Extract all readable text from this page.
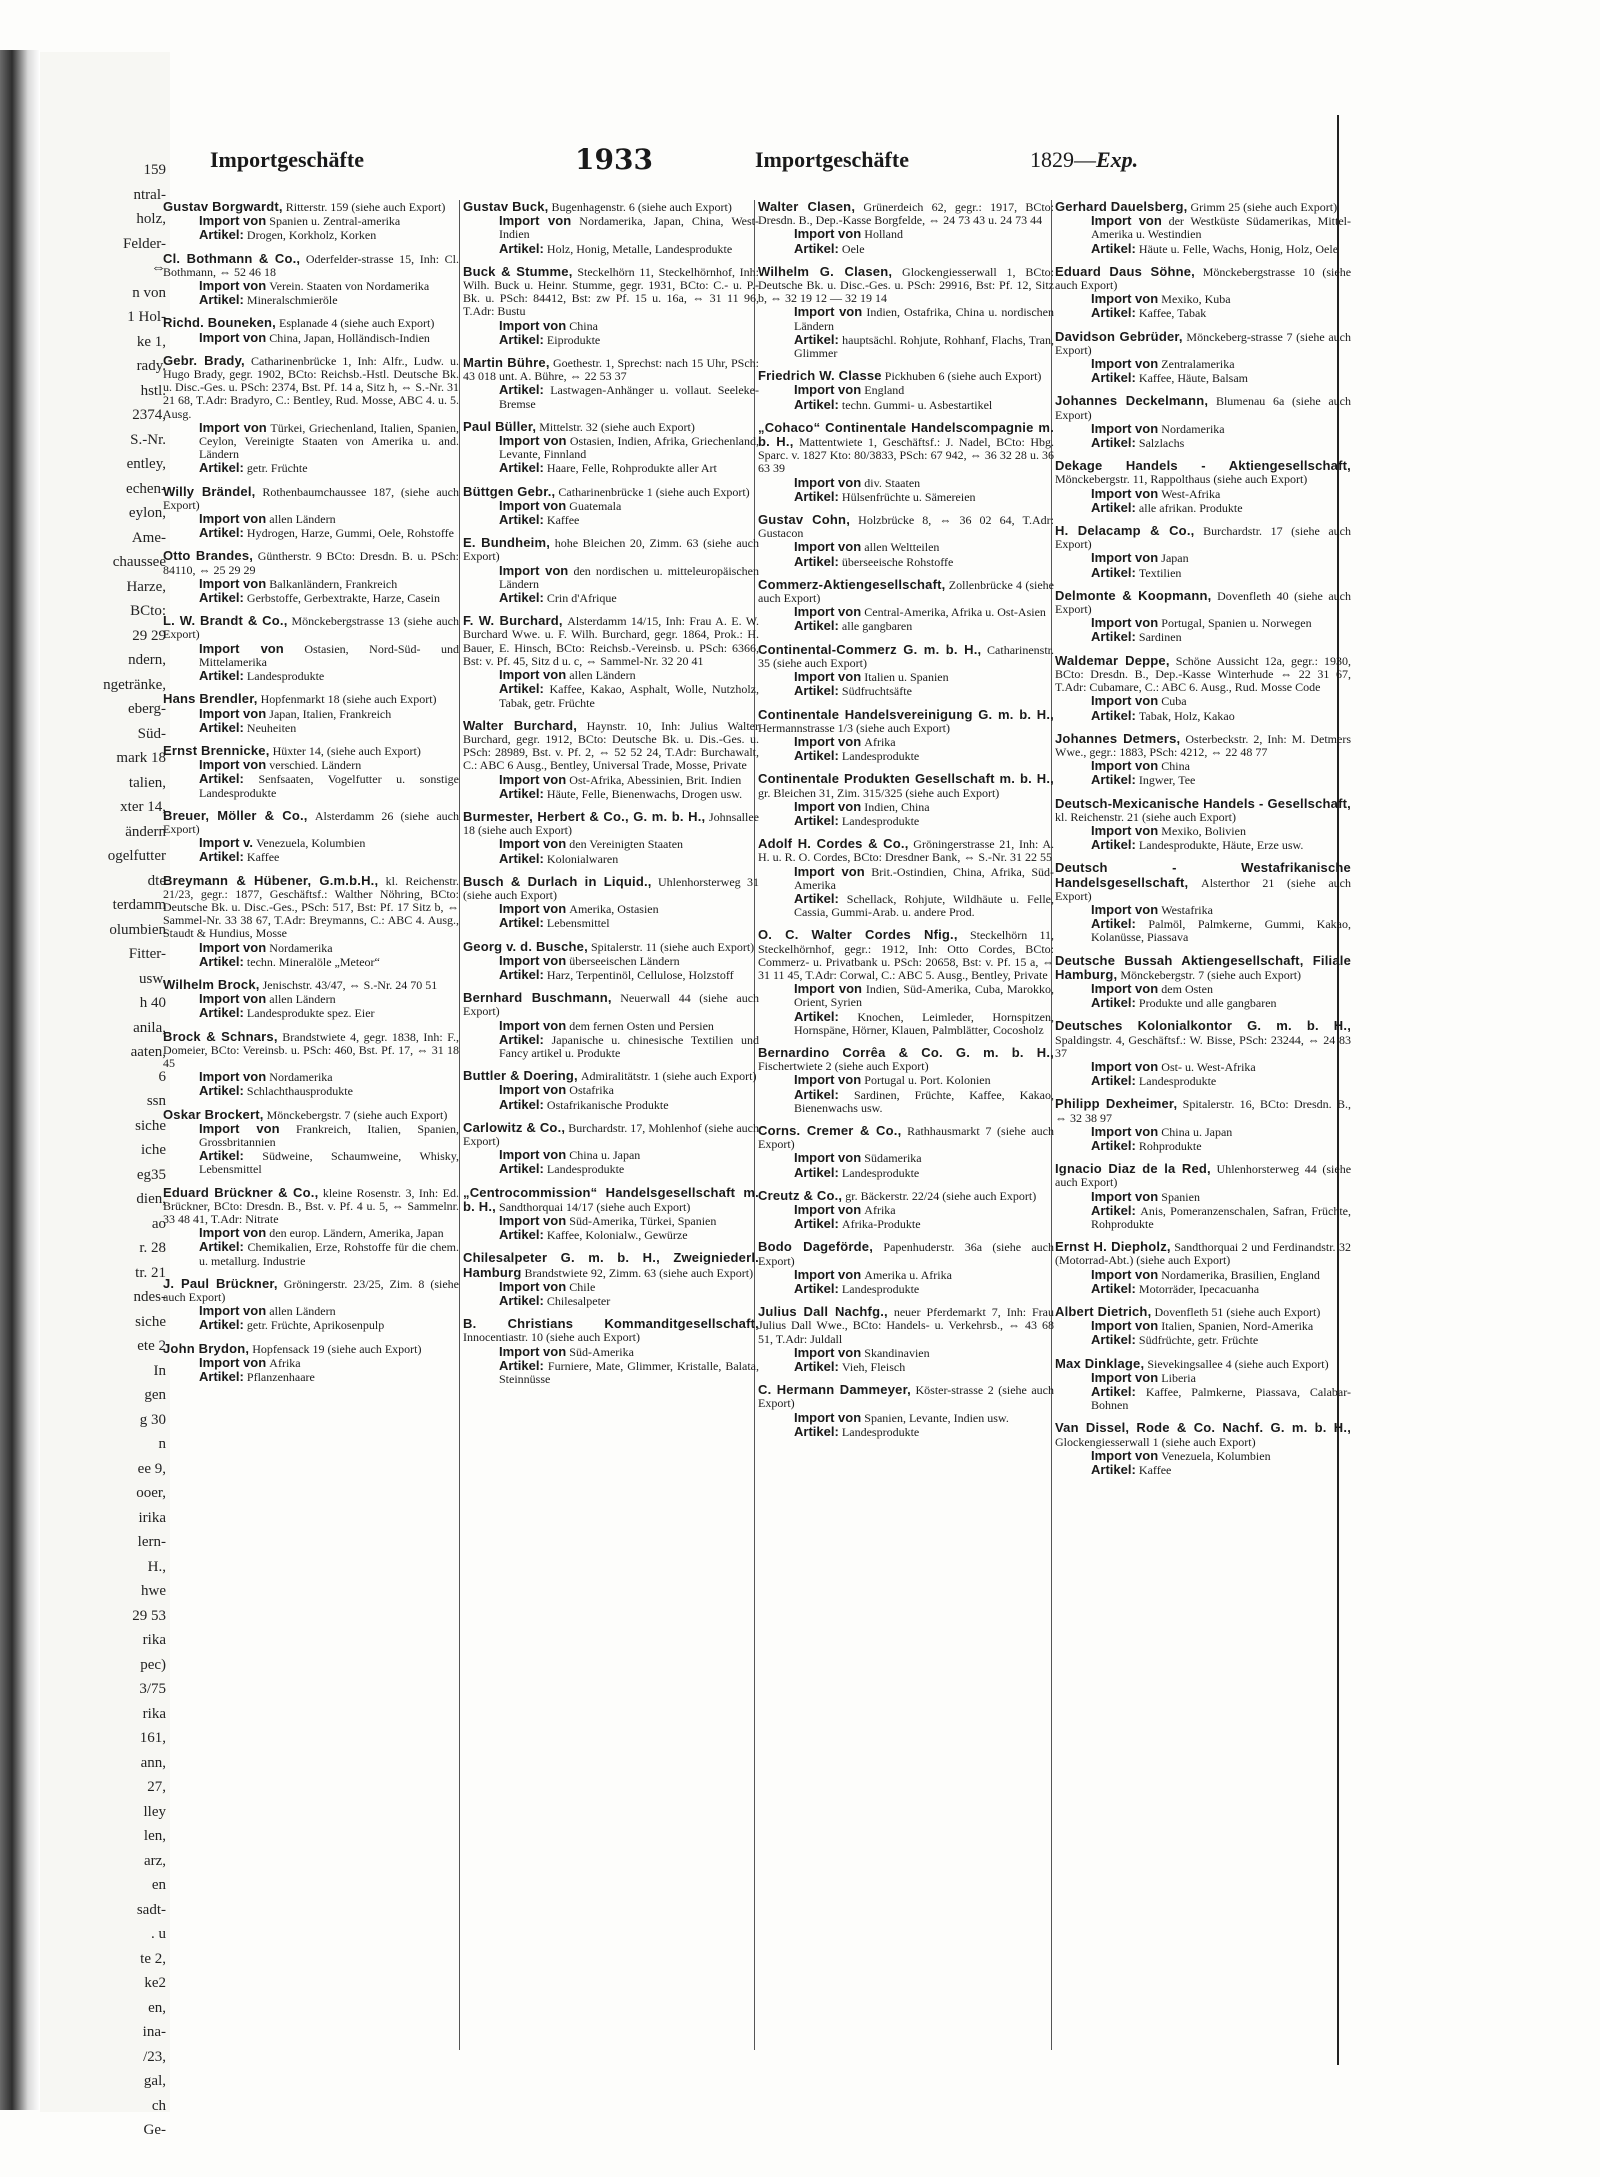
159
ntral-
holz,
Felder-
⇔
n von
1 Hol-
ke 1,
rady.
hstl.
2374,
S.-Nr.
entley,
echen-
eylon,
Ame-
chaussee
Harze,
BCto:
29 29
ndern,
ngetränke,
eberg-
Süd-
mark 18
talien,
xter 14,
ändern
ogelfutter
dte
terdamm
olumbien
Fitter-
usw.
h 40
anila,
aaten,
6
ssn
siche
iche
eg35
dien,
ao
r. 28
tr. 21
ndes-
siche
ete 2
In
gen
g 30
n
ee 9,
ooer,
irika
lern-
H.,
hwe
29 53
rika
pec)
3/75
rika
161,
ann,
27,
lley
len,
arz,
en
sadt-
. u
te 2,
ke2
en,
ina-
/23,
gal,
ch
Ge-
Importgeschäfte	1933	Importgeschäfte	1829—Exp.
Gustav Borgwardt, Ritterstr. 159 (siehe auch Export)
Import von Spanien u. Zentral-amerika
Artikel: Drogen, Korkholz, Korken
Cl. Bothmann & Co., Oderfelder-strasse 15, Inh: Cl. Bothmann, ⇔ 52 46 18
Import von Verein. Staaten von Nordamerika
Artikel: Mineralschmieröle
Richd. Bouneken, Esplanade 4 (siehe auch Export)
Import von China, Japan, Holländisch-Indien
Gebr. Brady, Catharinenbrücke 1, Inh: Alfr., Ludw. u. Hugo Brady, gegr. 1902, BCto: Reichsb.-Hstl. Deutsche Bk. u. Disc.-Ges. u. PSch: 2374, Bst. Pf. 14 a, Sitz h, ⇔ S.-Nr. 31 21 68, T.Adr: Bradyro, C.: Bentley, Rud. Mosse, ABC 4. u. 5. Ausg.
Import von Türkei, Griechenland, Italien, Spanien, Ceylon, Vereinigte Staaten von Amerika u. and. Ländern
Artikel: getr. Früchte
Willy Brändel, Rothenbaumchaussee 187, (siehe auch Export)
Import von allen Ländern
Artikel: Hydrogen, Harze, Gummi, Oele, Rohstoffe
Otto Brandes, Güntherstr. 9 BCto: Dresdn. B. u. PSch: 84110, ⇔ 25 29 29
Import von Balkanländern, Frankreich
Artikel: Gerbstoffe, Gerbextrakte, Harze, Casein
L. W. Brandt & Co., Mönckebergstrasse 13 (siehe auch Export)
Import von Ostasien, Nord-Süd- und Mittelamerika
Artikel: Landesprodukte
Hans Brendler, Hopfenmarkt 18 (siehe auch Export)
Import von Japan, Italien, Frankreich
Artikel: Neuheiten
Ernst Brennicke, Hüxter 14, (siehe auch Export)
Import von verschied. Ländern
Artikel: Senfsaaten, Vogelfutter u. sonstige Landesprodukte
Breuer, Möller & Co., Alsterdamm 26 (siehe auch Export)
Import v. Venezuela, Kolumbien
Artikel: Kaffee
Breymann & Hübener, G.m.b.H., kl. Reichenstr. 21/23, gegr.: 1877, Geschäftsf.: Walther Nöhring, BCto: Deutsche Bk. u. Disc.-Ges., PSch: 517, Bst: Pf. 17 Sitz b, ⇔ Sammel-Nr. 33 38 67, T.Adr: Breymanns, C.: ABC 4. Ausg., Staudt & Hundius, Mosse
Import von Nordamerika
Artikel: techn. Mineralöle „Meteor“
Wilhelm Brock, Jenischstr. 43/47, ⇔ S.-Nr. 24 70 51
Import von allen Ländern
Artikel: Landesprodukte spez. Eier
Brock & Schnars, Brandstwiete 4, gegr. 1838, Inh: F., Domeier, BCto: Vereinsb. u. PSch: 460, Bst. Pf. 17, ⇔ 31 18 45
Import von Nordamerika
Artikel: Schlachthausprodukte
Oskar Brockert, Mönckebergstr. 7 (siehe auch Export)
Import von Frankreich, Italien, Spanien, Grossbritannien
Artikel: Südweine, Schaumweine, Whisky, Lebensmittel
Eduard Brückner & Co., kleine Rosenstr. 3, Inh: Ed. Brückner, BCto: Dresdn. B., Bst. v. Pf. 4 u. 5, ⇔ Sammelnr. 33 48 41, T.Adr: Nitrate
Import von den europ. Ländern, Amerika, Japan
Artikel: Chemikalien, Erze, Rohstoffe für die chem. u. metallurg. Industrie
J. Paul Brückner, Gröningerstr. 23/25, Zim. 8 (siehe auch Export)
Import von allen Ländern
Artikel: getr. Früchte, Aprikosenpulp
John Brydon, Hopfensack 19 (siehe auch Export)
Import von Afrika
Artikel: Pflanzenhaare
Gustav Buck, Bugenhagenstr. 6 (siehe auch Export)
Import von Nordamerika, Japan, China, West-Indien
Artikel: Holz, Honig, Metalle, Landesprodukte
Buck & Stumme, Steckelhörn 11, Steckelhörnhof, Inh: Wilh. Buck u. Heinr. Stumme, gegr. 1931, BCto: C.- u. P.-Bk. u. PSch: 84412, Bst: zw Pf. 15 u. 16a, ⇔ 31 11 96, T.Adr: Bustu
Import von China
Artikel: Eiprodukte
Martin Bühre, Goethestr. 1, Sprechst: nach 15 Uhr, PSch: 43 018 unt. A. Bühre, ⇔ 22 53 37
Artikel: Lastwagen-Anhänger u. vollaut. Seeleke-Bremse
Paul Büller, Mittelstr. 32 (siehe auch Export)
Import von Ostasien, Indien, Afrika, Griechenland, Levante, Finnland
Artikel: Haare, Felle, Rohprodukte aller Art
Büttgen Gebr., Catharinenbrücke 1 (siehe auch Export)
Import von Guatemala
Artikel: Kaffee
E. Bundheim, hohe Bleichen 20, Zimm. 63 (siehe auch Export)
Import von den nordischen u. mitteleuropäischen Ländern
Artikel: Crin d'Afrique
F. W. Burchard, Alsterdamm 14/15, Inh: Frau A. E. W. Burchard Wwe. u. F. Wilh. Burchard, gegr. 1864, Prok.: H. Bauer, E. Hinsch, BCto: Reichsb.-Vereinsb. u. PSch: 6366, Bst: v. Pf. 45, Sitz d u. c, ⇔ Sammel-Nr. 32 20 41
Import von allen Ländern
Artikel: Kaffee, Kakao, Asphalt, Wolle, Nutzholz, Tabak, getr. Früchte
Walter Burchard, Haynstr. 10, Inh: Julius Walter Burchard, gegr. 1912, BCto: Deutsche Bk. u. Dis.-Ges. u. PSch: 28989, Bst. v. Pf. 2, ⇔ 52 52 24, T.Adr: Burchawalt, C.: ABC 6 Ausg., Bentley, Universal Trade, Mosse, Private
Import von Ost-Afrika, Abessinien, Brit. Indien
Artikel: Häute, Felle, Bienenwachs, Drogen usw.
Burmester, Herbert & Co., G. m. b. H., Johnsallee 18 (siehe auch Export)
Import von den Vereinigten Staaten
Artikel: Kolonialwaren
Busch & Durlach in Liquid., Uhlenhorsterweg 31 (siehe auch Export)
Import von Amerika, Ostasien
Artikel: Lebensmittel
Georg v. d. Busche, Spitalerstr. 11 (siehe auch Export)
Import von überseeischen Ländern
Artikel: Harz, Terpentinöl, Cellulose, Holzstoff
Bernhard Buschmann, Neuerwall 44 (siehe auch Export)
Import von dem fernen Osten und Persien
Artikel: Japanische u. chinesische Textilien und Fancy artikel u. Produkte
Buttler & Doering, Admiralitätstr. 1 (siehe auch Export)
Import von Ostafrika
Artikel: Ostafrikanische Produkte
Carlowitz & Co., Burchardstr. 17, Mohlenhof (siehe auch Export)
Import von China u. Japan
Artikel: Landesprodukte
„Centrocommission“ Handelsgesellschaft m. b. H., Sandthorquai 14/17 (siehe auch Export)
Import von Süd-Amerika, Türkei, Spanien
Artikel: Kaffee, Kolonialw., Gewürze
Chilesalpeter G. m. b. H., Zweigniederl. Hamburg Brandstwiete 92, Zimm. 63 (siehe auch Export)
Import von Chile
Artikel: Chilesalpeter
B. Christians Kommanditgesellschaft, Innocentiastr. 10 (siehe auch Export)
Import von Süd-Amerika
Artikel: Furniere, Mate, Glimmer, Kristalle, Balata, Steinnüsse
Walter Clasen, Grünerdeich 62, gegr.: 1917, BCto: Dresdn. B., Dep.-Kasse Borgfelde, ⇔ 24 73 43 u. 24 73 44
Import von Holland
Artikel: Oele
Wilhelm G. Clasen, Glockengiesserwall 1, BCto: Deutsche Bk. u. Disc.-Ges. u. PSch: 29916, Bst: Pf. 12, Sitz b, ⇔ 32 19 12 — 32 19 14
Import von Indien, Ostafrika, China u. nordischen Ländern
Artikel: hauptsächl. Rohjute, Rohhanf, Flachs, Tran, Glimmer
Friedrich W. Classe Pickhuben 6 (siehe auch Export)
Import von England
Artikel: techn. Gummi- u. Asbestartikel
„Cohaco“ Continentale Handelscompagnie m. b. H., Mattentwiete 1, Geschäftsf.: J. Nadel, BCto: Hbg. Sparc. v. 1827 Kto: 80/3833, PSch: 67 942, ⇔ 36 32 28 u. 36 63 39
Import von div. Staaten
Artikel: Hülsenfrüchte u. Sämereien
Gustav Cohn, Holzbrücke 8, ⇔ 36 02 64, T.Adr: Gustacon
Import von allen Weltteilen
Artikel: überseeische Rohstoffe
Commerz-Aktiengesellschaft, Zollenbrücke 4 (siehe auch Export)
Import von Central-Amerika, Afrika u. Ost-Asien
Artikel: alle gangbaren
Continental-Commerz G. m. b. H., Catharinenstr. 35 (siehe auch Export)
Import von Italien u. Spanien
Artikel: Südfruchtsäfte
Continentale Handelsvereinigung G. m. b. H., Hermannstrasse 1/3 (siehe auch Export)
Import von Afrika
Artikel: Landesprodukte
Continentale Produkten Gesellschaft m. b. H., gr. Bleichen 31, Zim. 315/325 (siehe auch Export)
Import von Indien, China
Artikel: Landesprodukte
Adolf H. Cordes & Co., Gröningerstrasse 21, Inh: A. H. u. R. O. Cordes, BCto: Dresdner Bank, ⇔ S.-Nr. 31 22 55
Import von Brit.-Ostindien, China, Afrika, Süd-Amerika
Artikel: Schellack, Rohjute, Wildhäute u. Felle, Cassia, Gummi-Arab. u. andere Prod.
O. C. Walter Cordes Nfig., Steckelhörn 11, Steckelhörnhof, gegr.: 1912, Inh: Otto Cordes, BCto: Commerz- u. Privatbank u. PSch: 20658, Bst: v. Pf. 15 a, ⇔ 31 11 45, T.Adr: Corwal, C.: ABC 5. Ausg., Bentley, Private
Import von Indien, Süd-Amerika, Cuba, Marokko, Orient, Syrien
Artikel: Knochen, Leimleder, Hornspitzen, Hornspäne, Hörner, Klauen, Palmblätter, Cocosholz
Bernardino Corrêa & Co. G. m. b. H., Fischertwiete 2 (siehe auch Export)
Import von Portugal u. Port. Kolonien
Artikel: Sardinen, Früchte, Kaffee, Kakao, Bienenwachs usw.
Corns. Cremer & Co., Rathhausmarkt 7 (siehe auch Export)
Import von Südamerika
Artikel: Landesprodukte
Creutz & Co., gr. Bäckerstr. 22/24 (siehe auch Export)
Import von Afrika
Artikel: Afrika-Produkte
Bodo Dageförde, Papenhuderstr. 36a (siehe auch Export)
Import von Amerika u. Afrika
Artikel: Landesprodukte
Julius Dall Nachfg., neuer Pferdemarkt 7, Inh: Frau Julius Dall Wwe., BCto: Handels- u. Verkehrsb., ⇔ 43 68 51, T.Adr: Juldall
Import von Skandinavien
Artikel: Vieh, Fleisch
C. Hermann Dammeyer, Köster-strasse 2 (siehe auch Export)
Import von Spanien, Levante, Indien usw.
Artikel: Landesprodukte
Gerhard Dauelsberg, Grimm 25 (siehe auch Export)
Import von der Westküste Südamerikas, Mittel-Amerika u. Westindien
Artikel: Häute u. Felle, Wachs, Honig, Holz, Oele
Eduard Daus Söhne, Mönckebergstrasse 10 (siehe auch Export)
Import von Mexiko, Kuba
Artikel: Kaffee, Tabak
Davidson Gebrüder, Mönckeberg-strasse 7 (siehe auch Export)
Import von Zentralamerika
Artikel: Kaffee, Häute, Balsam
Johannes Deckelmann, Blumenau 6a (siehe auch Export)
Import von Nordamerika
Artikel: Salzlachs
Dekage Handels - Aktiengesellschaft, Mönckebergstr. 11, Rappolthaus (siehe auch Export)
Import von West-Afrika
Artikel: alle afrikan. Produkte
H. Delacamp & Co., Burchardstr. 17 (siehe auch Export)
Import von Japan
Artikel: Textilien
Delmonte & Koopmann, Dovenfleth 40 (siehe auch Export)
Import von Portugal, Spanien u. Norwegen
Artikel: Sardinen
Waldemar Deppe, Schöne Aussicht 12a, gegr.: 1930, BCto: Dresdn. B., Dep.-Kasse Winterhude ⇔ 22 31 67, T.Adr: Cubamare, C.: ABC 6. Ausg., Rud. Mosse Code
Import von Cuba
Artikel: Tabak, Holz, Kakao
Johannes Detmers, Osterbeckstr. 2, Inh: M. Detmers Wwe., gegr.: 1883, PSch: 4212, ⇔ 22 48 77
Import von China
Artikel: Ingwer, Tee
Deutsch-Mexicanische Handels - Gesellschaft, kl. Reichenstr. 21 (siehe auch Export)
Import von Mexiko, Bolivien
Artikel: Landesprodukte, Häute, Erze usw.
Deutsch - Westafrikanische Handelsgesellschaft, Alsterthor 21 (siehe auch Export)
Import von Westafrika
Artikel: Palmöl, Palmkerne, Gummi, Kakao, Kolanüsse, Piassava
Deutsche Bussah Aktiengesellschaft, Filiale Hamburg, Mönckebergstr. 7 (siehe auch Export)
Import von dem Osten
Artikel: Produkte und alle gangbaren
Deutsches Kolonialkontor G. m. b. H., Spaldingstr. 4, Geschäftsf.: W. Bisse, PSch: 23244, ⇔ 24 83 37
Import von Ost- u. West-Afrika
Artikel: Landesprodukte
Philipp Dexheimer, Spitalerstr. 16, BCto: Dresdn. B., ⇔ 32 38 97
Import von China u. Japan
Artikel: Rohprodukte
Ignacio Diaz de la Red, Uhlenhorsterweg 44 (siehe auch Export)
Import von Spanien
Artikel: Anis, Pomeranzenschalen, Safran, Früchte, Rohprodukte
Ernst H. Diepholz, Sandthorquai 2 und Ferdinandstr. 32 (Motorrad-Abt.) (siehe auch Export)
Import von Nordamerika, Brasilien, England
Artikel: Motorräder, Ipecacuanha
Albert Dietrich, Dovenfleth 51 (siehe auch Export)
Import von Italien, Spanien, Nord-Amerika
Artikel: Südfrüchte, getr. Früchte
Max Dinklage, Sievekingsallee 4 (siehe auch Export)
Import von Liberia
Artikel: Kaffee, Palmkerne, Piassava, Calabar-Bohnen
Van Dissel, Rode & Co. Nachf. G. m. b. H., Glockengiesserwall 1 (siehe auch Export)
Import von Venezuela, Kolumbien
Artikel: Kaffee
